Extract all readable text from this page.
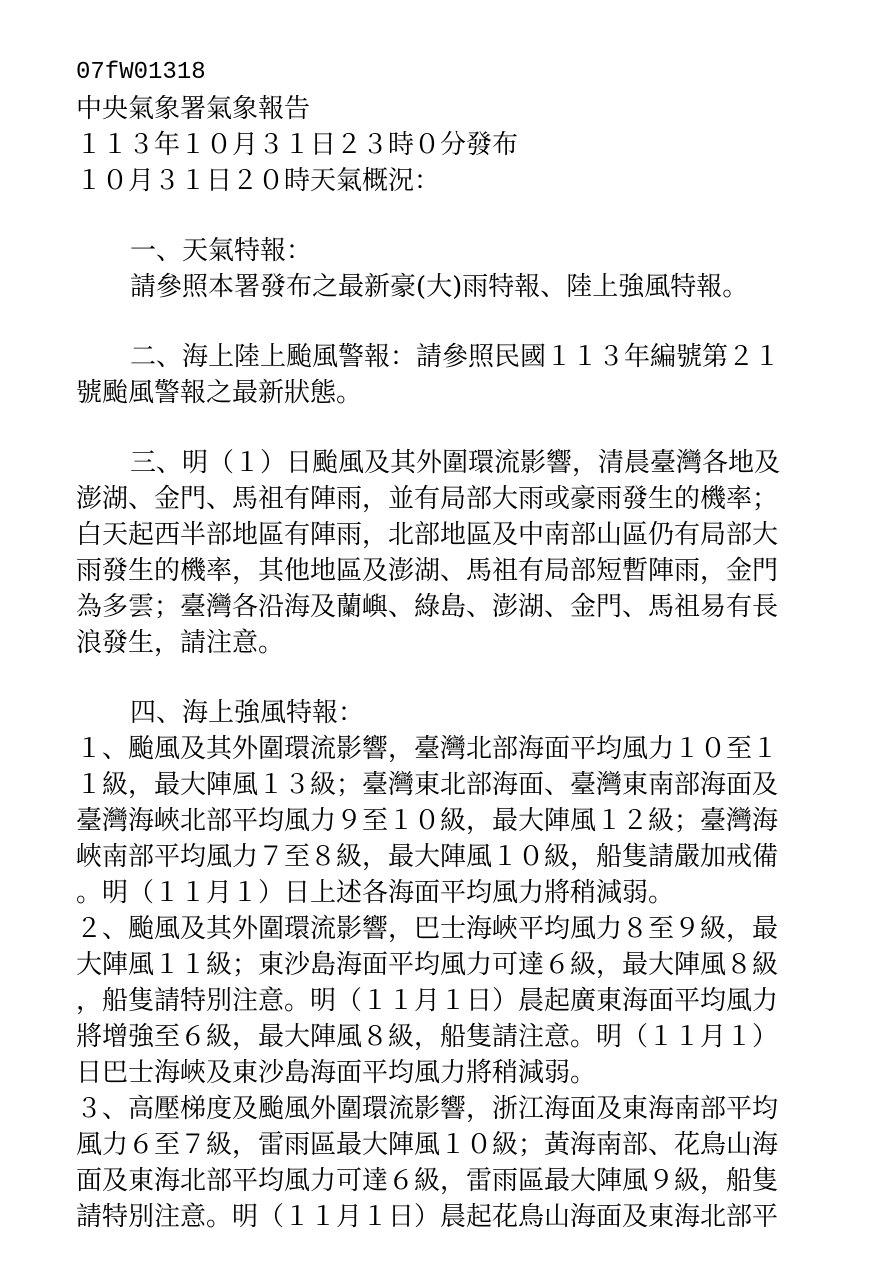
07fW01318
中央氣象署氣象報告
１１３年１０月３１日２３時０分發布
１０月３１日２０時天氣概況：
一、天氣特報：
請參照本署發布之最新豪(大)雨特報、陸上強風特報。
二、海上陸上颱風警報：請參照民國１１３年編號第２１
號颱風警報之最新狀態。
三、明（１）日颱風及其外圍環流影響，清晨臺灣各地及
澎湖、金門、馬祖有陣雨，並有局部大雨或豪雨發生的機率；
白天起西半部地區有陣雨，北部地區及中南部山區仍有局部大
雨發生的機率，其他地區及澎湖、馬祖有局部短暫陣雨，金門
為多雲；臺灣各沿海及蘭嶼、綠島、澎湖、金門、馬祖易有長
浪發生，請注意。
四、海上強風特報：
１、颱風及其外圍環流影響，臺灣北部海面平均風力１０至１
１級，最大陣風１３級；臺灣東北部海面、臺灣東南部海面及
臺灣海峽北部平均風力９至１０級，最大陣風１２級；臺灣海
峽南部平均風力７至８級，最大陣風１０級，船隻請嚴加戒備
。明（１１月１）日上述各海面平均風力將稍減弱。
２、颱風及其外圍環流影響，巴士海峽平均風力８至９級，最
大陣風１１級；東沙島海面平均風力可達６級，最大陣風８級
，船隻請特別注意。明（１１月１日）晨起廣東海面平均風力
將增強至６級，最大陣風８級，船隻請注意。明（１１月１）
日巴士海峽及東沙島海面平均風力將稍減弱。
３、高壓梯度及颱風外圍環流影響，浙江海面及東海南部平均
風力６至７級，雷雨區最大陣風１０級；黃海南部、花鳥山海
面及東海北部平均風力可達６級，雷雨區最大陣風９級，船隻
請特別注意。明（１１月１日）晨起花鳥山海面及東海北部平
